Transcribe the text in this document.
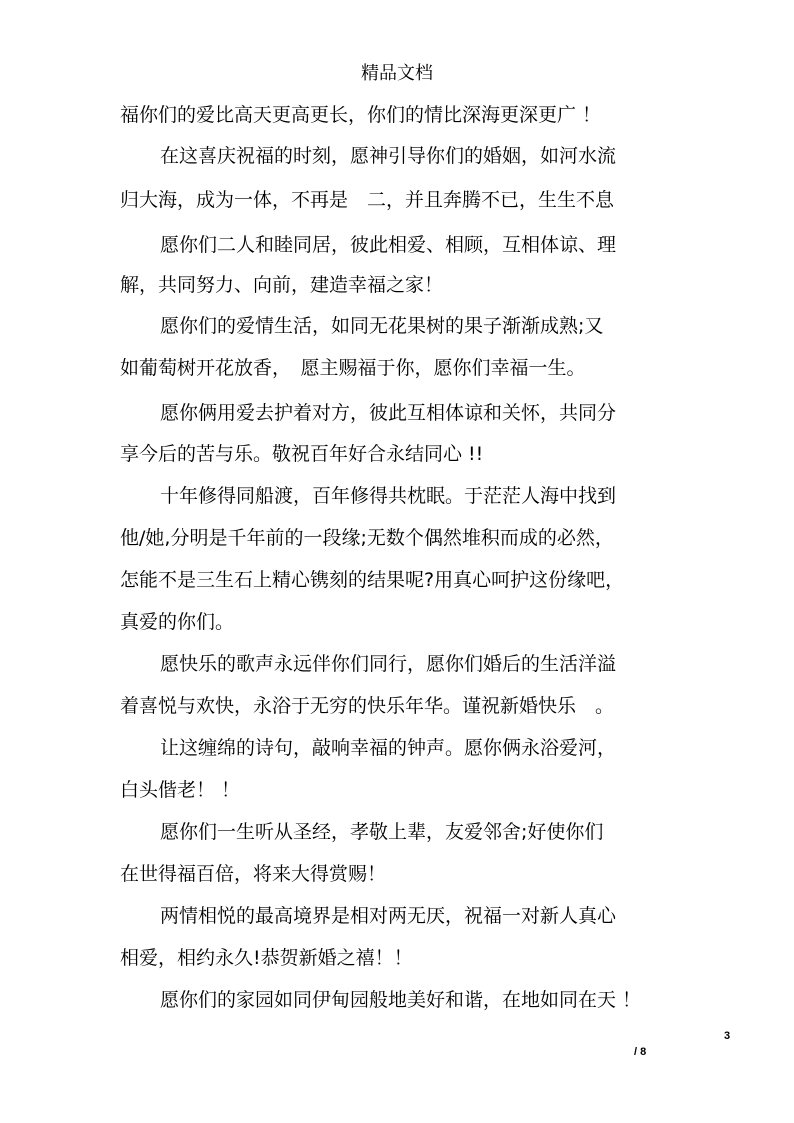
精品文档
福你们的爱比高天更高更长，你们的情比深海更深更广 ！
在这喜庆祝福的时刻，愿神引导你们的婚姻，如河水流
归大海，成为一体，不再是　二，并且奔腾不已，生生不息
愿你们二人和睦同居，彼此相爱、相顾，互相体谅、理
解，共同努力、向前，建造幸福之家！
愿你们的爱情生活，如同无花果树的果子渐渐成熟;又
如葡萄树开花放香，　愿主赐福于你，愿你们幸福一生。
愿你俩用爱去护着对方，彼此互相体谅和关怀，共同分
享今后的苦与乐。敬祝百年好合永结同心 !!
十年修得同船渡，百年修得共枕眠。于茫茫人海中找到
他/她,分明是千年前的一段缘;无数个偶然堆积而成的必然，
怎能不是三生石上精心镌刻的结果呢?用真心呵护这份缘吧，
真爱的你们。
愿快乐的歌声永远伴你们同行，愿你们婚后的生活洋溢
着喜悦与欢快，永浴于无穷的快乐年华。谨祝新婚快乐　。
让这缠绵的诗句，敲响幸福的钟声。愿你俩永浴爱河，
白头偕老！ ！
愿你们一生听从圣经，孝敬上辈，友爱邻舍;好使你们
在世得福百倍，将来大得赏赐！
两情相悦的最高境界是相对两无厌，祝福一对新人真心
相爱，相约永久!恭贺新婚之禧！！
愿你们的家园如同伊甸园般地美好和谐，在地如同在天 ！
3
/ 8
